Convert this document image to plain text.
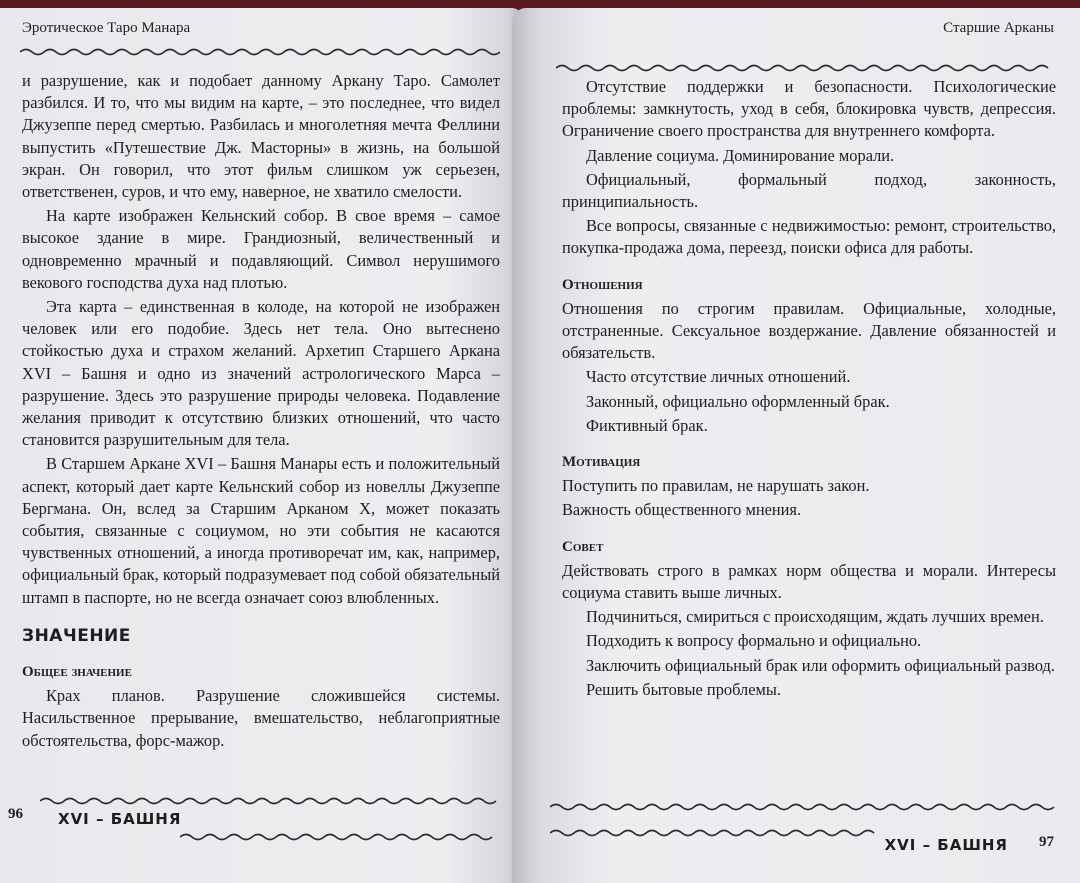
Эротическое Таро Манара

и разрушение, как и подобает данному Аркану Таро. Самолет разбился. И то, что мы видим на карте, – это последнее, что видел Джузеппе перед смертью. Разбилась и многолетняя мечта Феллини выпустить «Путешествие Дж. Масторны» в жизнь, на большой экран. Он говорил, что этот фильм слишком уж серьезен, ответственен, суров, и что ему, наверное, не хватило смелости.

На карте изображен Кельнский собор. В свое время – самое высокое здание в мире. Грандиозный, величественный и одновременно мрачный и подавляющий. Символ нерушимого векового господства духа над плотью.

Эта карта – единственная в колоде, на которой не изображен человек или его подобие. Здесь нет тела. Оно вытеснено стойкостью духа и страхом желаний. Архетип Старшего Аркана XVI – Башня и одно из значений астрологического Марса – разрушение. Здесь это разрушение природы человека. Подавление желания приводит к отсутствию близких отношений, что часто становится разрушительным для тела.

В Старшем Аркане XVI – Башня Манары есть и положительный аспект, который дает карте Кельнский собор из новеллы Джузеппе Бергмана. Он, вслед за Старшим Арканом X, может показать события, связанные с социумом, но эти события не касаются чувственных отношений, а иногда противоречат им, как, например, официальный брак, который подразумевает под собой обязательный штамп в паспорте, но не всегда означает союз влюбленных.

ЗНАЧЕНИЕ
Общее значение

Крах планов. Разрушение сложившейся системы. Насильственное прерывание, вмешательство, неблагоприятные обстоятельства, форс-мажор.

96 XVI – БАШНЯ
Старшие Арканы

Отсутствие поддержки и безопасности. Психологические проблемы: замкнутость, уход в себя, блокировка чувств, депрессия. Ограничение своего пространства для внутреннего комфорта.

Давление социума. Доминирование морали.

Официальный, формальный подход, законность, принципиальность.

Все вопросы, связанные с недвижимостью: ремонт, строительство, покупка-продажа дома, переезд, поиски офиса для работы.

Отношения

Отношения по строгим правилам. Официальные, холодные, отстраненные. Сексуальное воздержание. Давление обязанностей и обязательств.

Часто отсутствие личных отношений.

Законный, официально оформленный брак.

Фиктивный брак.

Мотивация

Поступить по правилам, не нарушать закон.

Важность общественного мнения.

Совет

Действовать строго в рамках норм общества и морали. Интересы социума ставить выше личных.

Подчиниться, смириться с происходящим, ждать лучших времен.

Подходить к вопросу формально и официально.

Заключить официальный брак или оформить официальный развод.

Решить бытовые проблемы.

XVI – БАШНЯ 97
